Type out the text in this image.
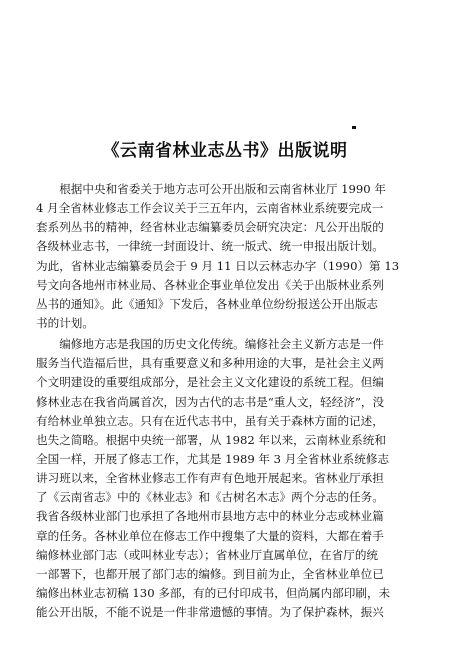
《云南省林业志丛书》出版说明
　　根据中央和省委关于地方志可公开出版和云南省林业厅 1990 年
4 月全省林业修志工作会议关于三五年内，云南省林业系统要完成一
套系列丛书的精神，经省林业志编纂委员会研究决定：凡公开出版的
各级林业志书，一律统一封面设计、统一版式、统一申报出版计划。
为此，省林业志编纂委员会于 9 月 11 日以云林志办字（1990）第 13
号文向各地州市林业局、各林业企事业单位发出《关于出版林业系列
丛书的通知》。此《通知》下发后，各林业单位纷纷报送公开出版志
书的计划。
　　编修地方志是我国的历史文化传统。编修社会主义新方志是一件
服务当代造福后世，具有重要意义和多种用途的大事，是社会主义两
个文明建设的重要组成部分，是社会主义文化建设的系统工程。但编
修林业志在我省尚属首次，因为古代的志书是“重人文，轻经济”，没
有给林业单独立志。只有在近代志书中，虽有关于森林方面的记述，
也失之简略。根据中央统一部署，从 1982 年以来，云南林业系统和
全国一样，开展了修志工作，尤其是 1989 年 3 月全省林业系统修志
讲习班以来，全省林业修志工作有声有色地开展起来。省林业厅承担
了《云南省志》中的《林业志》和《古树名木志》两个分志的任务。
我省各级林业部门也承担了各地州市县地方志中的林业分志或林业篇
章的任务。各林业单位在修志工作中搜集了大量的资料，大都在着手
编修林业部门志（或叫林业专志）；省林业厅直属单位，在省厅的统
一部署下，也都开展了部门志的编修。到目前为止，全省林业单位已
编修出林业志初稿 130 多部，有的已付印成书，但尚属内部印刷，未
能公开出版，不能不说是一件非常遗憾的事情。为了保护森林，振兴
